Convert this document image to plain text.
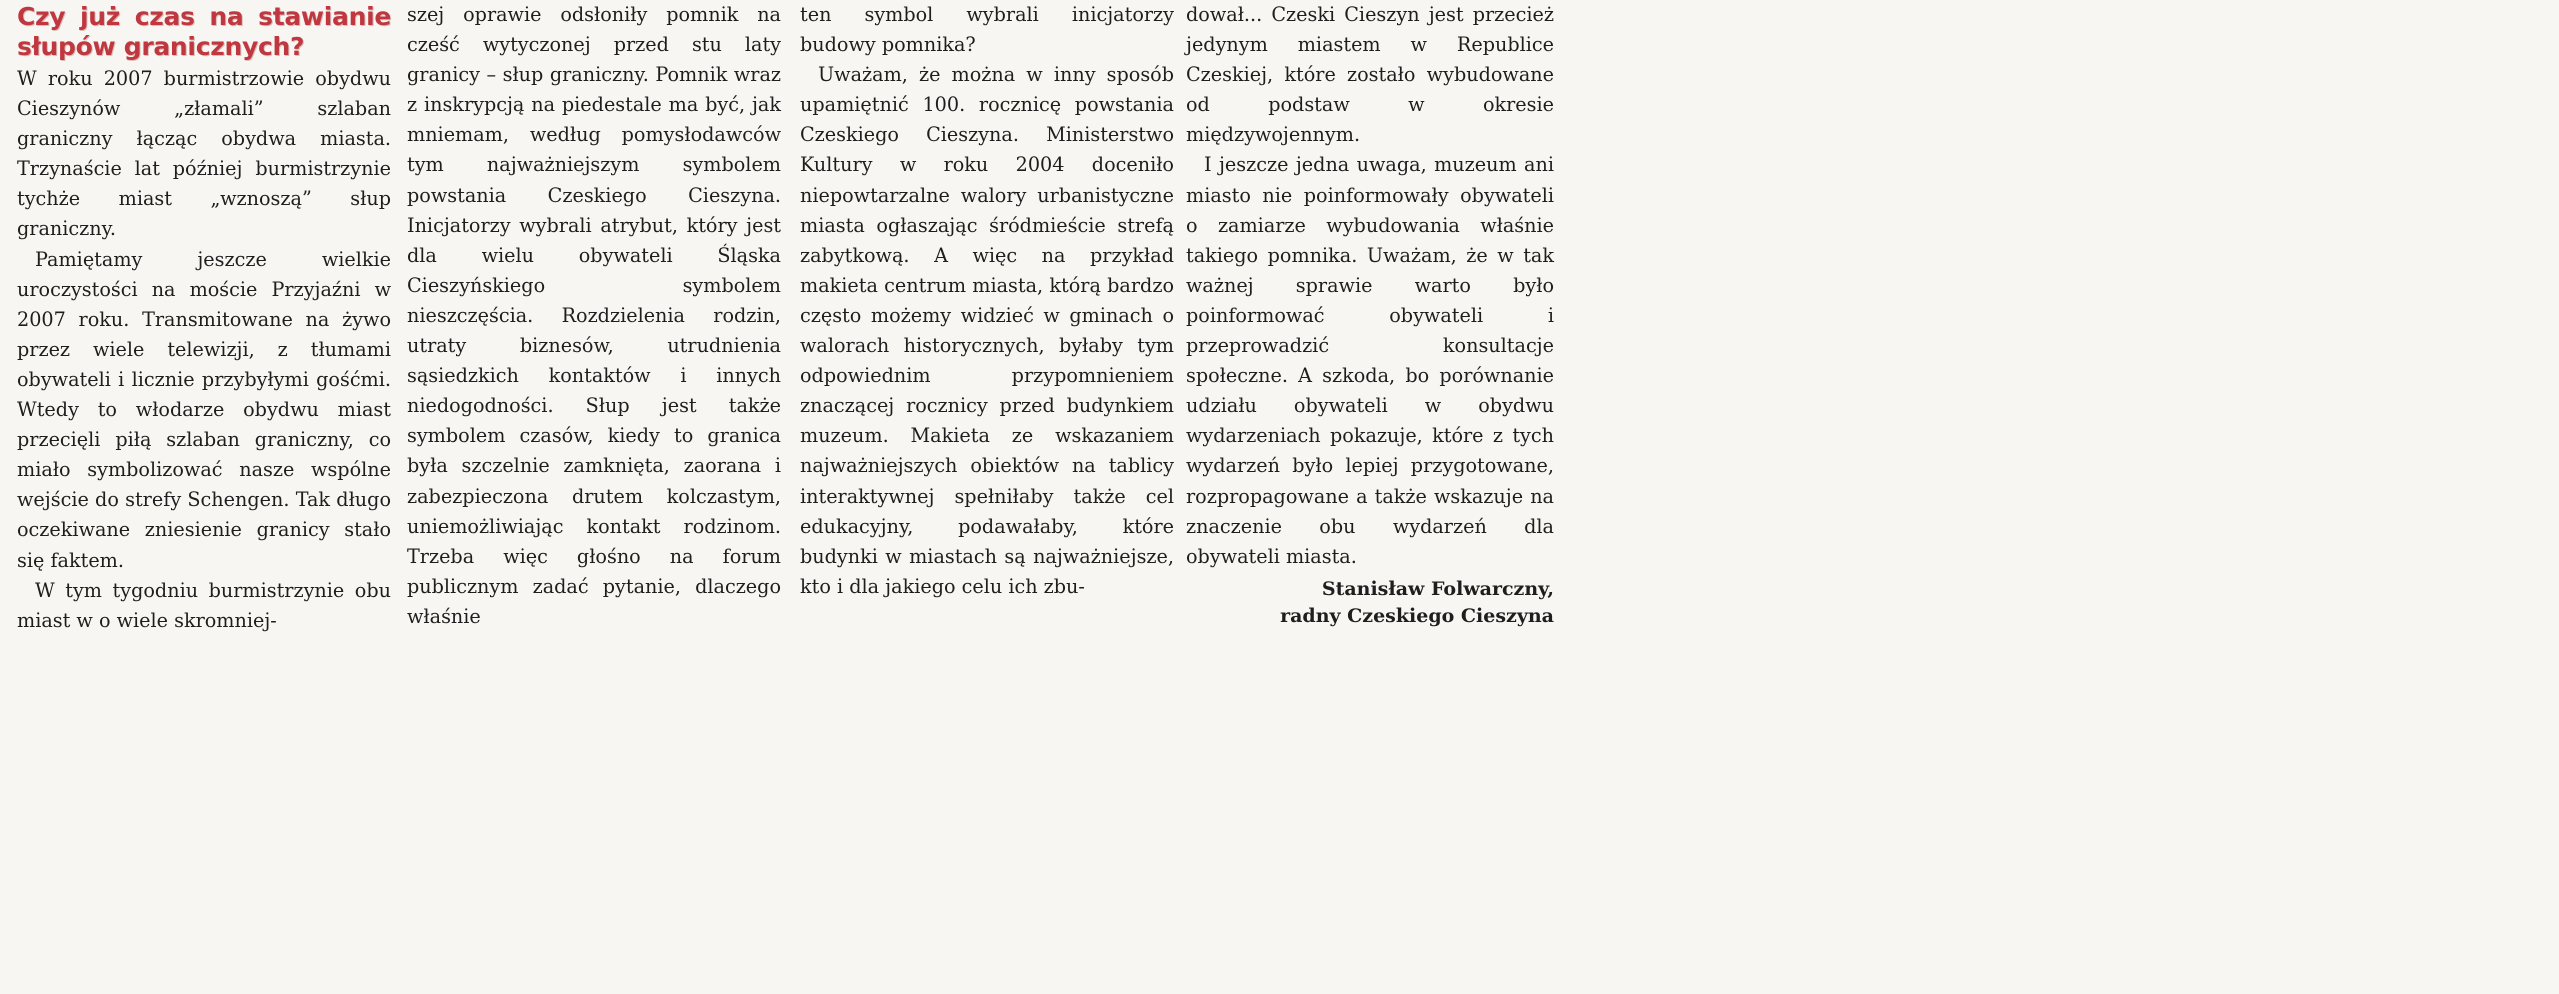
Czy już czas na stawianie słupów granicznych?

W roku 2007 burmistrzowie obydwu Cieszynów „złamali” szlaban graniczny łącząc obydwa miasta. Trzynaście lat później burmistrzynie tychże miast „wznoszą” słup graniczny.

Pamiętamy jeszcze wielkie uroczystości na moście Przyjaźni w 2007 roku. Transmitowane na żywo przez wiele telewizji, z tłumami obywateli i licznie przybyłymi gośćmi. Wtedy to włodarze obydwu miast przecięli piłą szlaban graniczny, co miało symbolizować nasze wspólne wejście do strefy Schengen. Tak długo oczekiwane zniesienie granicy stało się faktem.

W tym tygodniu burmistrzynie obu miast w o wiele skromniej-

szej oprawie odsłoniły pomnik na cześć wytyczonej przed stu laty granicy – słup graniczny. Pomnik wraz z inskrypcją na piedestale ma być, jak mniemam, według pomysłodawców tym najważniejszym symbolem powstania Czeskiego Cieszyna. Inicjatorzy wybrali atrybut, który jest dla wielu obywateli Śląska Cieszyńskiego symbolem nieszczęścia. Rozdzielenia rodzin, utraty biznesów, utrudnienia sąsiedzkich kontaktów i innych niedogodności. Słup jest także symbolem czasów, kiedy to granica była szczelnie zamknięta, zaorana i zabezpieczona drutem kolczastym, uniemożliwiając kontakt rodzinom. Trzeba więc głośno na forum publicznym zadać pytanie, dlaczego właśnie

ten symbol wybrali inicjatorzy budowy pomnika?

Uważam, że można w inny sposób upamiętnić 100. rocznicę powstania Czeskiego Cieszyna. Ministerstwo Kultury w roku 2004 doceniło niepowtarzalne walory urbanistyczne miasta ogłaszając śródmieście strefą zabytkową. A więc na przykład makieta centrum miasta, którą bardzo często możemy widzieć w gminach o walorach historycznych, byłaby tym odpowiednim przypomnieniem znaczącej rocznicy przed budynkiem muzeum. Makieta ze wskazaniem najważniejszych obiektów na tablicy interaktywnej spełniłaby także cel edukacyjny, podawałaby, które budynki w miastach są najważniejsze, kto i dla jakiego celu ich zbu-

dował... Czeski Cieszyn jest przecież jedynym miastem w Republice Czeskiej, które zostało wybudowane od podstaw w okresie międzywojennym.

I jeszcze jedna uwaga, muzeum ani miasto nie poinformowały obywateli o zamiarze wybudowania właśnie takiego pomnika. Uważam, że w tak ważnej sprawie warto było poinformować obywateli i przeprowadzić konsultacje społeczne. A szkoda, bo porównanie udziału obywateli w obydwu wydarzeniach pokazuje, które z tych wydarzeń było lepiej przygotowane, rozpropagowane a także wskazuje na znaczenie obu wydarzeń dla obywateli miasta.

Stanisław Folwarczny,
radny Czeskiego Cieszyna
